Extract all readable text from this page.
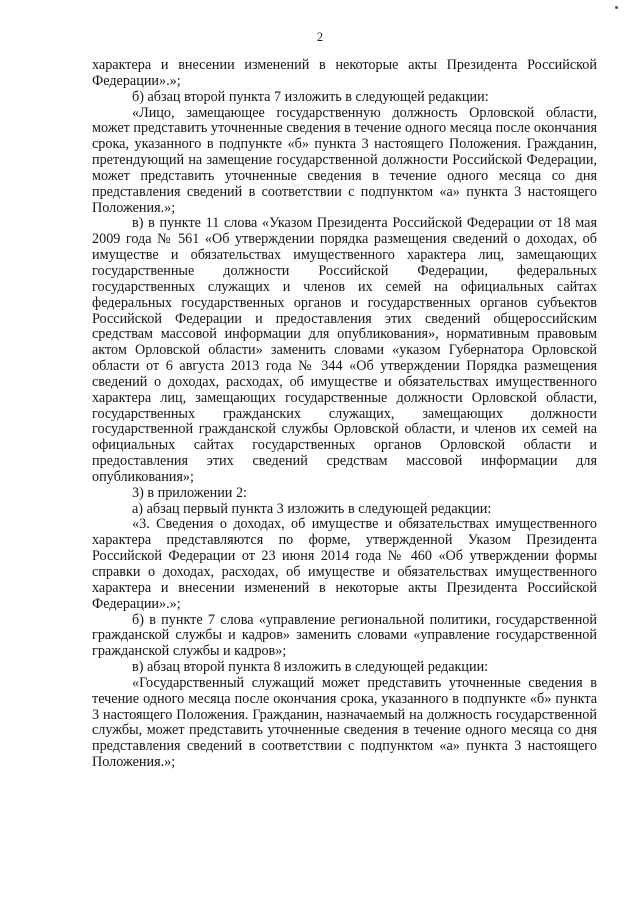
2

характера и внесении изменений в некоторые акты Президента Российской Федерации».»;

б) абзац второй пункта 7 изложить в следующей редакции:

«Лицо, замещающее государственную должность Орловской области, может представить уточненные сведения в течение одного месяца после окончания срока, указанного в подпункте «б» пункта 3 настоящего Положения. Гражданин, претендующий на замещение государственной должности Российской Федерации, может представить уточненные сведения в течение одного месяца со дня представления сведений в соответствии с подпунктом «а» пункта 3 настоящего Положения.»;

в) в пункте 11 слова «Указом Президента Российской Федерации от 18 мая 2009 года № 561 «Об утверждении порядка размещения сведений о доходах, об имуществе и обязательствах имущественного характера лиц, замещающих государственные должности Российской Федерации, федеральных государственных служащих и членов их семей на официальных сайтах федеральных государственных органов и государственных органов субъектов Российской Федерации и предоставления этих сведений общероссийским средствам массовой информации для опубликования», нормативным правовым актом Орловской области» заменить словами «указом Губернатора Орловской области от 6 августа 2013 года № 344 «Об утверждении Порядка размещения сведений о доходах, расходах, об имуществе и обязательствах имущественного характера лиц, замещающих государственные должности Орловской области, государственных гражданских служащих, замещающих должности государственной гражданской службы Орловской области, и членов их семей на официальных сайтах государственных органов Орловской области и предоставления этих сведений средствам массовой информации для опубликования»;

3) в приложении 2:

а) абзац первый пункта 3 изложить в следующей редакции:

«3. Сведения о доходах, об имуществе и обязательствах имущественного характера представляются по форме, утвержденной Указом Президента Российской Федерации от 23 июня 2014 года № 460 «Об утверждении формы справки о доходах, расходах, об имуществе и обязательствах имущественного характера и внесении изменений в некоторые акты Президента Российской Федерации».»;

б) в пункте 7 слова «управление региональной политики, государственной гражданской службы и кадров» заменить словами «управление государственной гражданской службы и кадров»;

в) абзац второй пункта 8 изложить в следующей редакции:

«Государственный служащий может представить уточненные сведения в течение одного месяца после окончания срока, указанного в подпункте «б» пункта 3 настоящего Положения. Гражданин, назначаемый на должность государственной службы, может представить уточненные сведения в течение одного месяца со дня представления сведений в соответствии с подпунктом «а» пункта 3 настоящего Положения.»;
